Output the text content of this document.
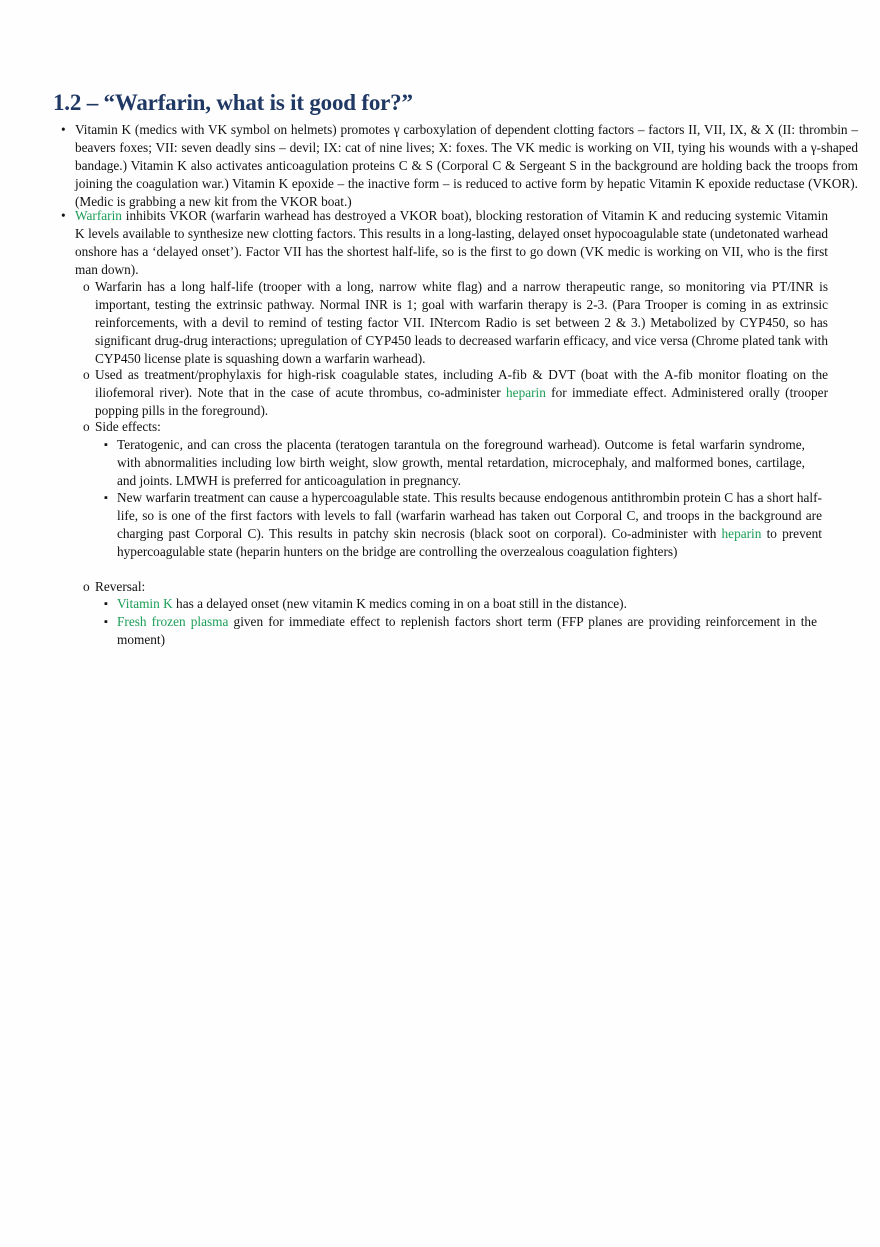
1.2 – “Warfarin, what is it good for?”
• Vitamin K (medics with VK symbol on helmets) promotes γ carboxylation of dependent clotting factors – factors II, VII, IX, & X (II: thrombin – beavers foxes; VII: seven deadly sins – devil; IX: cat of nine lives; X: foxes. The VK medic is working on VII, tying his wounds with a γ-shaped bandage.) Vitamin K also activates anticoagulation proteins C & S (Corporal C & Sergeant S in the background are holding back the troops from joining the coagulation war.) Vitamin K epoxide – the inactive form – is reduced to active form by hepatic Vitamin K epoxide reductase (VKOR). (Medic is grabbing a new kit from the VKOR boat.)
• Warfarin inhibits VKOR (warfarin warhead has destroyed a VKOR boat), blocking restoration of Vitamin K and reducing systemic Vitamin K levels available to synthesize new clotting factors. This results in a long-lasting, delayed onset hypocoagulable state (undetonated warhead onshore has a ‘delayed onset’). Factor VII has the shortest half-life, so is the first to go down (VK medic is working on VII, who is the first man down).
o Warfarin has a long half-life (trooper with a long, narrow white flag) and a narrow therapeutic range, so monitoring via PT/INR is important, testing the extrinsic pathway. Normal INR is 1; goal with warfarin therapy is 2-3. (Para Trooper is coming in as extrinsic reinforcements, with a devil to remind of testing factor VII. INtercom Radio is set between 2 & 3.) Metabolized by CYP450, so has significant drug-drug interactions; upregulation of CYP450 leads to decreased warfarin efficacy, and vice versa (Chrome plated tank with CYP450 license plate is squashing down a warfarin warhead).
o Used as treatment/prophylaxis for high-risk coagulable states, including A-fib & DVT (boat with the A-fib monitor floating on the iliofemoral river). Note that in the case of acute thrombus, co-administer heparin for immediate effect. Administered orally (trooper popping pills in the foreground).
o Side effects:
▪ Teratogenic, and can cross the placenta (teratogen tarantula on the foreground warhead). Outcome is fetal warfarin syndrome, with abnormalities including low birth weight, slow growth, mental retardation, microcephaly, and malformed bones, cartilage, and joints. LMWH is preferred for anticoagulation in pregnancy.
▪ New warfarin treatment can cause a hypercoagulable state. This results because endogenous antithrombin protein C has a short half-life, so is one of the first factors with levels to fall (warfarin warhead has taken out Corporal C, and troops in the background are charging past Corporal C). This results in patchy skin necrosis (black soot on corporal). Co-administer with heparin to prevent hypercoagulable state (heparin hunters on the bridge are controlling the overzealous coagulation fighters)
o Reversal:
▪ Vitamin K has a delayed onset (new vitamin K medics coming in on a boat still in the distance).
▪ Fresh frozen plasma given for immediate effect to replenish factors short term (FFP planes are providing reinforcement in the moment)
